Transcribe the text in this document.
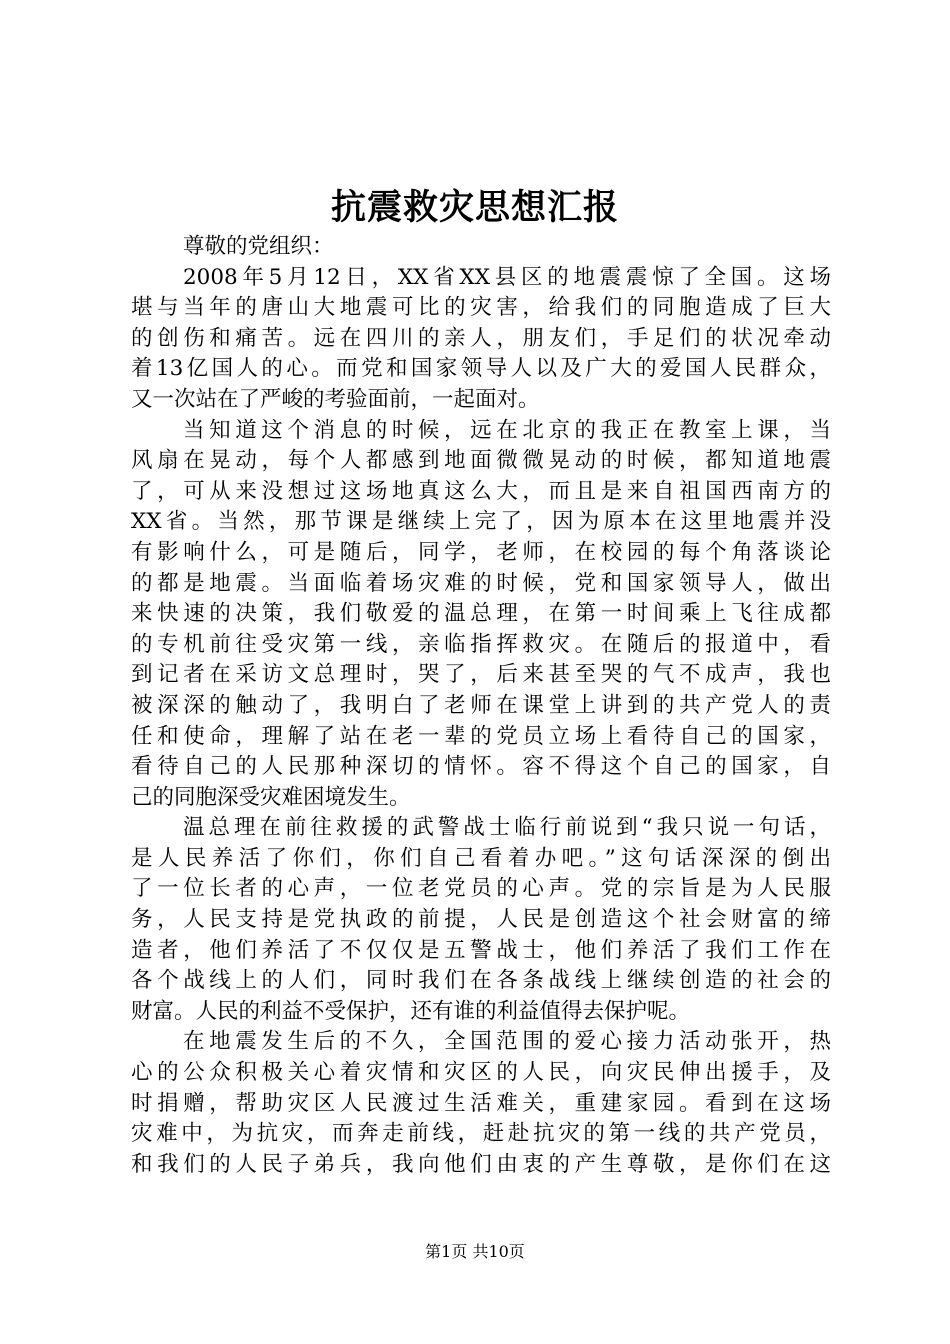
抗震救灾思想汇报
尊敬的党组织：
2008年5月12日，XX省XX县区的地震震惊了全国。这场
堪与当年的唐山大地震可比的灾害，给我们的同胞造成了巨大
的创伤和痛苦。远在四川的亲人，朋友们，手足们的状况牵动
着13亿国人的心。而党和国家领导人以及广大的爱国人民群众，
又一次站在了严峻的考验面前，一起面对。
当知道这个消息的时候，远在北京的我正在教室上课，当
风扇在晃动，每个人都感到地面微微晃动的时候，都知道地震
了，可从来没想过这场地真这么大，而且是来自祖国西南方的
XX省。当然，那节课是继续上完了，因为原本在这里地震并没
有影响什么，可是随后，同学，老师，在校园的每个角落谈论
的都是地震。当面临着场灾难的时候，党和国家领导人，做出
来快速的决策，我们敬爱的温总理，在第一时间乘上飞往成都
的专机前往受灾第一线，亲临指挥救灾。在随后的报道中，看
到记者在采访文总理时，哭了，后来甚至哭的气不成声，我也
被深深的触动了，我明白了老师在课堂上讲到的共产党人的责
任和使命，理解了站在老一辈的党员立场上看待自己的国家，
看待自己的人民那种深切的情怀。容不得这个自己的国家，自
己的同胞深受灾难困境发生。
温总理在前往救援的武警战士临行前说到“我只说一句话，
是人民养活了你们，你们自己看着办吧。”这句话深深的倒出
了一位长者的心声，一位老党员的心声。党的宗旨是为人民服
务，人民支持是党执政的前提，人民是创造这个社会财富的缔
造者，他们养活了不仅仅是五警战士，他们养活了我们工作在
各个战线上的人们，同时我们在各条战线上继续创造的社会的
财富。人民的利益不受保护，还有谁的利益值得去保护呢。
在地震发生后的不久，全国范围的爱心接力活动张开，热
心的公众积极关心着灾情和灾区的人民，向灾民伸出援手，及
时捐赠，帮助灾区人民渡过生活难关，重建家园。看到在这场
灾难中，为抗灾，而奔走前线，赶赴抗灾的第一线的共产党员，
和我们的人民子弟兵，我向他们由衷的产生尊敬，是你们在这
第1页 共10页
